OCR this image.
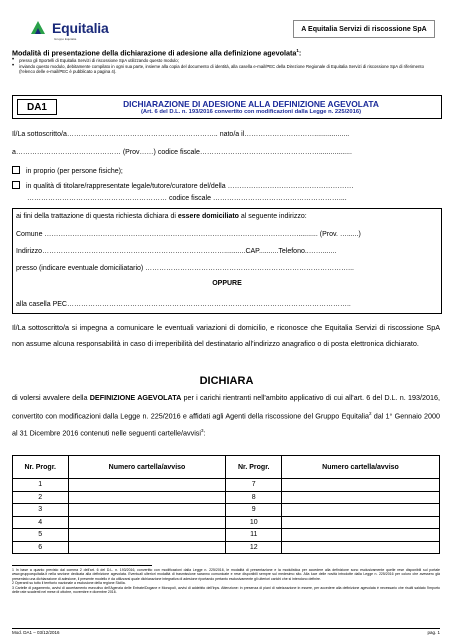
Equitalia
Gruppo Equitalia
A Equitalia Servizi di riscossione SpA
Modalità di presentazione della dichiarazione di adesione alla definizione agevolata$^1$:
• presso gli Sportelli di Equitalia Servizi di riscossione SpA utilizzando questo modulo;
• inviando questo modulo, debitamente compilato in ogni sua parte, insieme alla copia del documento di identità, alla casella e-mail/PEC della Direzione Regionale di Equitalia Servizi di riscossione SpA di riferimento (l'elenco delle e-mail/PEC è pubblicato a pagina 4).
DA1	DICHIARAZIONE DI ADESIONE ALLA DEFINIZIONE AGEVOLATA
(Art. 6 del D.L. n. 193/2016 convertito con modificazioni dalla Legge n. 225/2016)
Il/La sottoscritto/a……………………………………………………….. nato/a il…………………………..................
a……………………………………… (Prov……) codice fiscale…………………………………………….................
in proprio (per persone fisiche);
in qualità di titolare/rappresentate legale/tutore/curatore del/della ………………………………………………
…………………………………………………… codice fiscale ………………………………………………....
ai fini della trattazione di questa richiesta dichiara di essere domiciliato al seguente indirizzo:
Comune ………………………………………………………………………………………………........... (Prov. …......)
Indirizzo……………………………………………………………………...........CAP..........Telefono..…….......
presso (indicare eventuale domiciliatario) ……………………………………………………………………………...
OPPURE
alla casella PEC…………………………………………………………………………………………………………..
Il/La sottoscritto/a si impegna a comunicare le eventuali variazioni di domicilio, e riconosce che Equitalia Servizi di riscossione SpA non assume alcuna responsabilità in caso di irreperibilità del destinatario all'indirizzo anagrafico o di posta elettronica dichiarato.
DICHIARA
di volersi avvalere della DEFINIZIONE AGEVOLATA per i carichi rientranti nell'ambito applicativo di cui all'art. 6 del D.L. n. 193/2016, convertito con modificazioni dalla Legge n. 225/2016 e affidati agli Agenti della riscossione del Gruppo Equitalia$^2$ dal 1° Gennaio 2000 al 31 Dicembre 2016 contenuti nelle seguenti cartelle/avvisi$^3$:
Nr. Progr.	Numero cartella/avviso	Nr. Progr.	Numero cartella/avviso
1		7	
2		8	
3		9	
4		10	
5		11	
6		12	
1 In base a quanto previsto dal comma 2 dell'art. 6 del D.L. n. 193/2016, convertito con modificazioni dalla Legge n. 225/2016, le modalità di presentazione e la modulistica per accedere alla definizione sono esclusivamente quelle rese disponibili sul portale www.gruppoequitalia.it nella sezione dedicata alla definizione agevolata. Eventuali ulteriori modalità di trasmissione saranno comunicate e rese disponibili sempre sul medesimo sito. Alla luce delle novità introdotte dalla Legge n. 225/2016 per coloro che avessero già presentato una dichiarazione di adesione, il presente modello è da utilizzarsi quale dichiarazione integrativa di adesione riportando pertanto esclusivamente gli ulteriori carichi che si intendono definire.
2 Operanti su tutto il territorio nazionale a esclusione della regione Sicilia.
3 Cartelle di pagamento, avvisi di accertamento esecutivo dell'Agenzia delle Entrate/Dogane e Monopoli, avvisi di addebito dell'Inps. Attenzione: in presenza di piani di rateizzazione in essere, per accedere alla definizione agevolata è necessario che risulti saldato l'importo delle rate scadenti nel mese di ottobre, novembre e dicembre 2016.
Mod. DA1 – 03/12/2016	pag. 1
